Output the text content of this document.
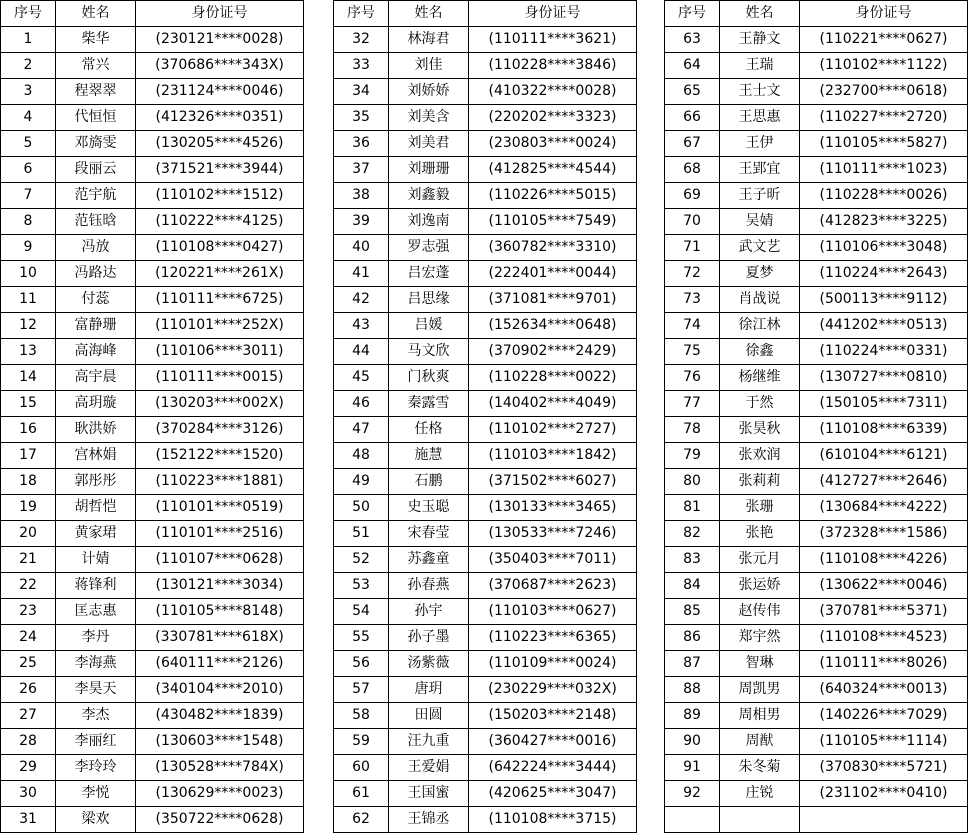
序号	姓名	身份证号
1	柴华	(230121****0028)
2	常兴	(370686****343X)
3	程翠翠	(231124****0046)
4	代恒恒	(412326****0351)
5	邓旖雯	(130205****4526)
6	段丽云	(371521****3944)
7	范宇航	(110102****1512)
8	范钰晗	(110222****4125)
9	冯放	(110108****0427)
10	冯路达	(120221****261X)
11	付蕊	(110111****6725)
12	富静珊	(110101****252X)
13	高海峰	(110106****3011)
14	高宇晨	(110111****0015)
15	高玥璇	(130203****002X)
16	耿洪娇	(370284****3126)
17	宫林娟	(152122****1520)
18	郭彤彤	(110223****1881)
19	胡哲恺	(110101****0519)
20	黄家珺	(110101****2516)
21	计婧	(110107****0628)
22	蒋锋利	(130121****3034)
23	匡志惠	(110105****8148)
24	李丹	(330781****618X)
25	李海燕	(640111****2126)
26	李昊天	(340104****2010)
27	李杰	(430482****1839)
28	李丽红	(130603****1548)
29	李玲玲	(130528****784X)
30	李悦	(130629****0023)
31	梁欢	(350722****0628)
序号	姓名	身份证号
32	林海君	(110111****3621)
33	刘佳	(110228****3846)
34	刘娇娇	(410322****0028)
35	刘美含	(220202****3323)
36	刘美君	(230803****0024)
37	刘珊珊	(412825****4544)
38	刘鑫毅	(110226****5015)
39	刘逸南	(110105****7549)
40	罗志强	(360782****3310)
41	吕宏蓬	(222401****0044)
42	吕思缘	(371081****9701)
43	吕媛	(152634****0648)
44	马文欣	(370902****2429)
45	门秋爽	(110228****0022)
46	秦露雪	(140402****4049)
47	任格	(110102****2727)
48	施慧	(110103****1842)
49	石鹏	(371502****6027)
50	史玉聪	(130133****3465)
51	宋春莹	(130533****7246)
52	苏鑫童	(350403****7011)
53	孙春燕	(370687****2623)
54	孙宇	(110103****0627)
55	孙子墨	(110223****6365)
56	汤紫薇	(110109****0024)
57	唐玥	(230229****032X)
58	田圆	(150203****2148)
59	汪九重	(360427****0016)
60	王爱娟	(642224****3444)
61	王国蜜	(420625****3047)
62	王锦丞	(110108****3715)
序号	姓名	身份证号
63	王静文	(110221****0627)
64	王瑞	(110102****1122)
65	王士文	(232700****0618)
66	王思惠	(110227****2720)
67	王伊	(110105****5827)
68	王郢宜	(110111****1023)
69	王子昕	(110228****0026)
70	吴婧	(412823****3225)
71	武文艺	(110106****3048)
72	夏梦	(110224****2643)
73	肖战说	(500113****9112)
74	徐江林	(441202****0513)
75	徐鑫	(110224****0331)
76	杨继维	(130727****0810)
77	于然	(150105****7311)
78	张昊秋	(110108****6339)
79	张欢润	(610104****6121)
80	张莉莉	(412727****2646)
81	张珊	(130684****4222)
82	张艳	(372328****1586)
83	张元月	(110108****4226)
84	张运娇	(130622****0046)
85	赵传伟	(370781****5371)
86	郑宇然	(110108****4523)
87	智琳	(110111****8026)
88	周凯男	(640324****0013)
89	周相男	(140226****7029)
90	周猷	(110105****1114)
91	朱冬菊	(370830****5721)
92	庄锐	(231102****0410)
